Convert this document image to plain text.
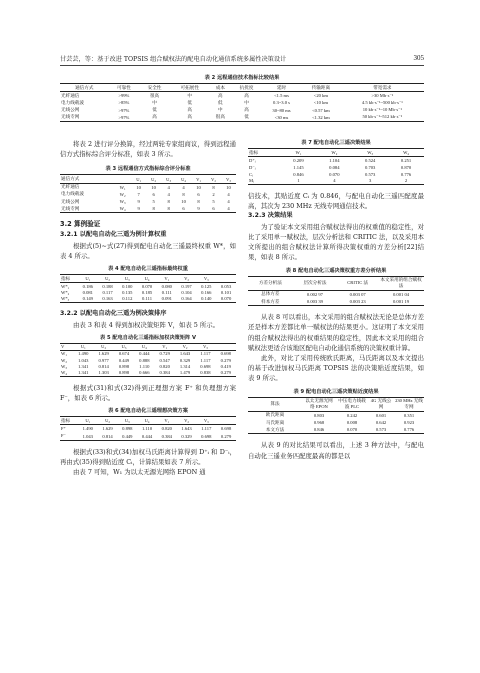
甘芸芸，等：基于改进 TOPSIS 组合赋权法的配电自动化通信系统多属性决策设计	305
表 2 远程通信技术指标比较结果
通信方式	可靠性	安全性	可拓展性	成本	抗扰度	延时	传输距离	带宽需求
光纤通信	>99%	很高	中	高	高	<1.5 ms	<20 km	>30 Mb·s⁻¹
电力线载波	>85%	中	低	低	中	0.3~3.0 s	<10 km	4.5 kb·s⁻¹~500 kb·s⁻¹
无线公网	>97%	低	高	中	高	30~80 ms	<0.57 km	10 kb·s⁻¹~10 Mb·s⁻¹
无线专网	>97%	高	高	很高	低	<30 ms	<1.32 km	50 kb·s⁻¹~512 kb·s⁻¹

将表 2 进行评分换算，经过两轮专家组商议，得到远程通信方式指标综合评分标准，如表 3 所示。

表 3 远程通信方式指标综合评分标准
通信方式		U₁	U₂	U₃	U₄	V₁	V₂	V₃
光纤通信	W₁	10	10	4	4	10	8	10
电力线载波	W₂	7	6	4	8	6	2	4
无线公网	W₃	9	5	8	10	8	5	4
无线专网	W₄	9	8	8	6	9	6	4
3.2 算例验证
3.2.1 以配电自动化三遥为例计算权重

根据式(5)~式(27)得到配电自动化三遥最终权重 W*，如表 4 所示。

表 4 配电自动化三遥指标最终权重
指标	U₁	U₂	U₃	U₄	V₁	V₂	V₃	
W*₁	0.186	0.188	0.100	0.070	0.080	0.197	0.125	0.053
W*₂	0.081	0.117	0.135	0.185	0.111	0.104	0.166	0.101
W*₃	0.149	0.163	0.112	0.111	0.091	0.164	0.140	0.070
3.2.2 以配电自动化三遥为例决策排序

由表 3 和表 4 得到加权决策矩阵 V，如表 5 所示。

表 5 配电自动化三遥指标加权决策矩阵 V
V	U₁	U₂	U₃	U₄	V₁	V₂	V₃	
W₁	1.490	1.629	0.674	0.444	0.729	1.643	1.117	0.698
W₂	1.043	0.977	0.449	0.888	0.547	0.329	1.117	0.279
W₃	1.341	0.814	0.898	1.110	0.820	1.314	0.698	0.419
W₄	1.341	1.303	0.898	0.666	0.384	1.479	0.838	0.279

根据式(31)和式(32)得到正理想方案 F⁺ 和负理想方案 F⁻，如表 6 所示。

表 6 配电自动化三遥理想决策方案
指标	U₁	U₂	U₃	U₄	V₁	V₂	V₃	
F⁺	1.490	1.629	0.898	1.110	0.820	1.643	1.117	0.698
F⁻	1.043	0.814	0.449	0.444	0.384	0.329	0.698	0.279

根据式(33)和式(34)加权马氏距离计算得到 D⁺ᵢ 和 D⁻ᵢ，再由式(35)得到贴近度 Cᵢ，计算结果如表 7 所示。

由表 7 可知，W₁ 为以太无源光网络 EPON 通

表 7 配电自动化三遥决策结果
指标	W₁	W₂	W₃	W₄
D⁺ᵢ	0.209	1.104	0.524	0.251
D⁻ᵢ	1.145	0.084	0.703	0.870
Cᵢ	0.846	0.070	0.573	0.776
Mᵢ	1	4	3	2

信技术，其贴近度 Cᵢ 为 0.846，与配电自动化三遥匹配度最高，其次为 230 MHz 无线专网通信技术。

3.2.3 决策结果

为了验证本文采用组合赋权法得出的权重值的稳定性，对比了采用单一赋权法，层次分析法和 CRITIC 法，以及采用本文所提出的组合赋权法计算所得决策权重的方差分析[22]结果，如表 8 所示。

表 8 配电自动化三遥决策权重方差分析结果
方差分析法	层次分析法	CRITIC 法	本文采用的组合赋权法
总体方差	0.002 97	0.003 07	0.001 04
样本方差	0.003 39	0.003 23	0.001 19

从表 8 可以看出，本文采用的组合赋权法无论是总体方差还是样本方差都比单一赋权法的结果更小。这证明了本文采用的组合赋权法得出的权重结果的稳定性，因此本文采用的组合赋权法更适合该地区配电自动化通信系统的决策权重计算。

此外，对比了采用传统欧氏距离，马氏距离以及本文提出的基于改进加权马氏距离 TOPSIS 法的决策贴近度结果，如表 9 所示。

表 9 配电自动化三遥决策贴近度结果
算法	以太无源光网络 EPON	中压电力线载波 PLC	4G 无线公网	230 MHz 无线专网
欧氏距离	0.803	0.242	0.601	0.351
马氏距离	0.968	0.008	0.642	0.923
本文方法	0.846	0.070	0.573	0.776

从表 9 的对比结果可以看出，上述 3 种方法中，与配电自动化三遥业务匹配度最高的都是以
